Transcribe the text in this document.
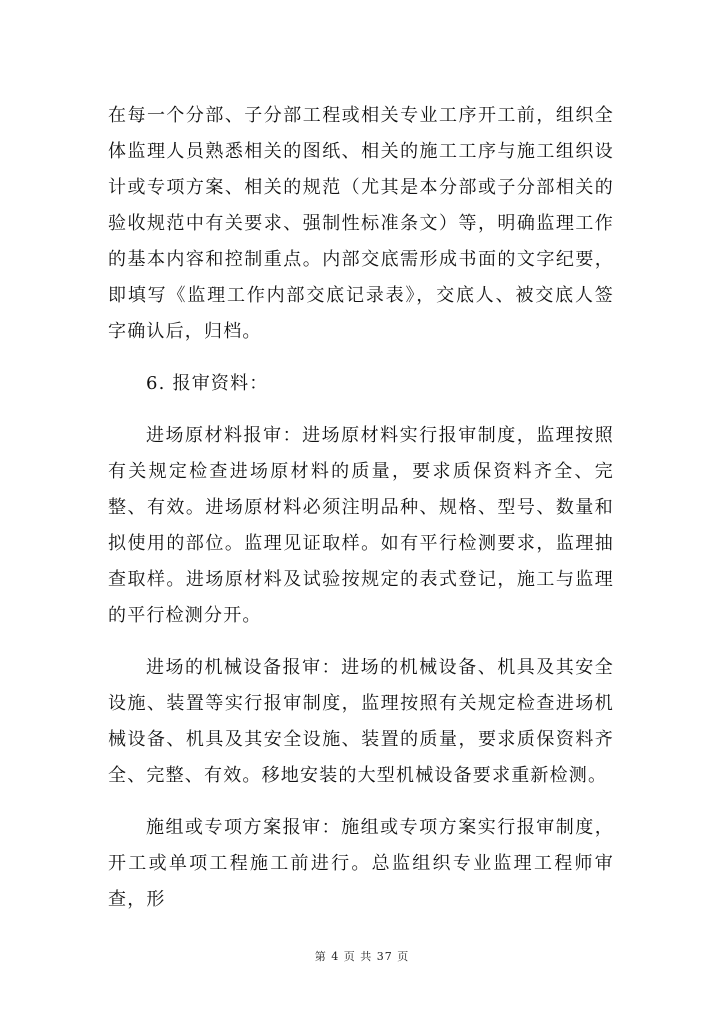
在每一个分部、子分部工程或相关专业工序开工前，组织全体监理人员熟悉相关的图纸、相关的施工工序与施工组织设计或专项方案、相关的规范（尤其是本分部或子分部相关的验收规范中有关要求、强制性标准条文）等，明确监理工作的基本内容和控制重点。内部交底需形成书面的文字纪要，即填写《监理工作内部交底记录表》，交底人、被交底人签字确认后，归档。

6. 报审资料：

进场原材料报审：进场原材料实行报审制度，监理按照有关规定检查进场原材料的质量，要求质保资料齐全、完整、有效。进场原材料必须注明品种、规格、型号、数量和拟使用的部位。监理见证取样。如有平行检测要求，监理抽查取样。进场原材料及试验按规定的表式登记，施工与监理的平行检测分开。

进场的机械设备报审：进场的机械设备、机具及其安全设施、装置等实行报审制度，监理按照有关规定检查进场机械设备、机具及其安全设施、装置的质量，要求质保资料齐全、完整、有效。移地安装的大型机械设备要求重新检测。

施组或专项方案报审：施组或专项方案实行报审制度，开工或单项工程施工前进行。总监组织专业监理工程师审查，形

第 4 页 共 37 页
